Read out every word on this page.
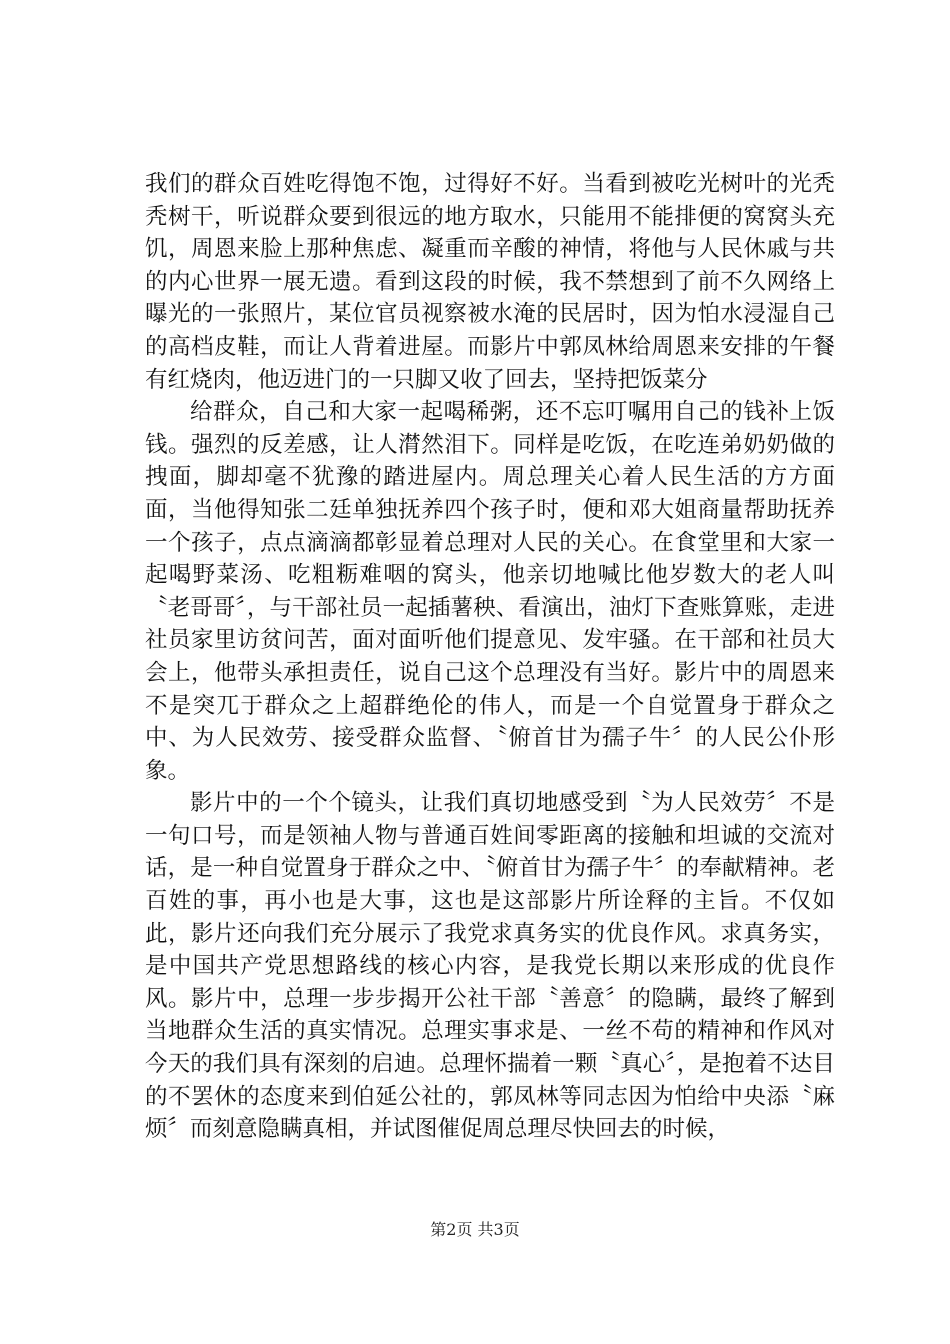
我们的群众百姓吃得饱不饱，过得好不好。当看到被吃光树叶的光秃秃树干，听说群众要到很远的地方取水，只能用不能排便的窝窝头充饥，周恩来脸上那种焦虑、凝重而辛酸的神情，将他与人民休戚与共的内心世界一展无遗。看到这段的时候，我不禁想到了前不久网络上曝光的一张照片，某位官员视察被水淹的民居时，因为怕水浸湿自己的高档皮鞋，而让人背着进屋。而影片中郭凤林给周恩来安排的午餐有红烧肉，他迈进门的一只脚又收了回去，坚持把饭菜分

给群众，自己和大家一起喝稀粥，还不忘叮嘱用自己的钱补上饭钱。强烈的反差感，让人潸然泪下。同样是吃饭，在吃连弟奶奶做的拽面，脚却毫不犹豫的踏进屋内。周总理关心着人民生活的方方面面，当他得知张二廷单独抚养四个孩子时，便和邓大姐商量帮助抚养一个孩子，点点滴滴都彰显着总理对人民的关心。在食堂里和大家一起喝野菜汤、吃粗粝难咽的窝头，他亲切地喊比他岁数大的老人叫〝老哥哥〞，与干部社员一起插薯秧、看演出，油灯下查账算账，走进社员家里访贫问苦，面对面听他们提意见、发牢骚。在干部和社员大会上，他带头承担责任，说自己这个总理没有当好。影片中的周恩来不是突兀于群众之上超群绝伦的伟人，而是一个自觉置身于群众之中、为人民效劳、接受群众监督、〝俯首甘为孺子牛〞的人民公仆形象。

影片中的一个个镜头，让我们真切地感受到〝为人民效劳〞不是一句口号，而是领袖人物与普通百姓间零距离的接触和坦诚的交流对话，是一种自觉置身于群众之中、〝俯首甘为孺子牛〞的奉献精神。老百姓的事，再小也是大事，这也是这部影片所诠释的主旨。不仅如此，影片还向我们充分展示了我党求真务实的优良作风。求真务实，是中国共产党思想路线的核心内容，是我党长期以来形成的优良作风。影片中，总理一步步揭开公社干部〝善意〞的隐瞒，最终了解到当地群众生活的真实情况。总理实事求是、一丝不苟的精神和作风对今天的我们具有深刻的启迪。总理怀揣着一颗〝真心〞，是抱着不达目的不罢休的态度来到伯延公社的，郭凤林等同志因为怕给中央添〝麻烦〞而刻意隐瞒真相，并试图催促周总理尽快回去的时候，

第2页 共3页
